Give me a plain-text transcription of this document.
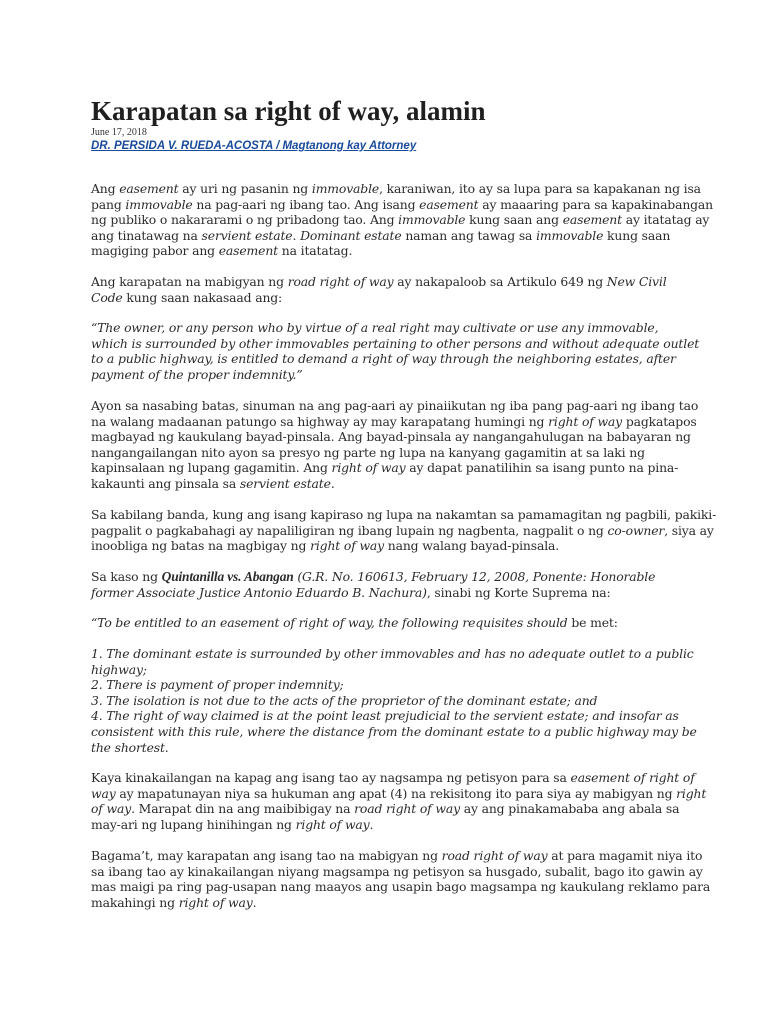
Karapatan sa right of way, alamin
June 17, 2018
DR. PERSIDA V. RUEDA-ACOSTA / Magtanong kay Attorney

Ang easement ay uri ng pasanin ng immovable, karaniwan, ito ay sa lupa para sa kapakanan ng isa
pang immovable na pag-aari ng ibang tao. Ang isang easement ay maaaring para sa kapakinabangan
ng publiko o nakararami o ng pribadong tao. Ang immovable kung saan ang easement ay itatatag ay
ang tinatawag na servient estate. Dominant estate naman ang tawag sa immovable kung saan
magiging pabor ang easement na itatatag.

Ang karapatan na mabigyan ng road right of way ay nakapaloob sa Artikulo 649 ng New Civil
Code kung saan nakasaad ang:

“The owner, or any person who by virtue of a real right may cultivate or use any immovable,
which is surrounded by other immovables pertaining to other persons and without adequate outlet
to a public highway, is entitled to demand a right of way through the neighboring estates, after
payment of the proper indemnity.”

Ayon sa nasabing batas, sinuman na ang pag-aari ay pinaiikutan ng iba pang pag-aari ng ibang tao
na walang madaanan patungo sa highway ay may karapatang humingi ng right of way pagkatapos
magbayad ng kaukulang bayad-pinsala. Ang bayad-pinsala ay nangangahulugan na babayaran ng
nangangailangan nito ayon sa presyo ng parte ng lupa na kanyang gagamitin at sa laki ng
kapinsalaan ng lupang gagamitin. Ang right of way ay dapat panatilihin sa isang punto na pina-
kakaunti ang pinsala sa servient estate.

Sa kabilang banda, kung ang isang kapiraso ng lupa na nakamtan sa pamamagitan ng pagbili, pakiki-
pagpalit o pagkabahagi ay napaliligiran ng ibang lupain ng nagbenta, nagpalit o ng co-owner, siya ay
inoobliga ng batas na magbigay ng right of way nang walang bayad-pinsala.

Sa kaso ng Quintanilla vs. Abangan (G.R. No. 160613, February 12, 2008, Ponente: Honorable
former Associate Justice Antonio Eduardo B. Nachura), sinabi ng Korte Suprema na:

“To be entitled to an easement of right of way, the following requisites should be met:

1. The dominant estate is surrounded by other immovables and has no adequate outlet to a public
highway;
2. There is payment of proper indemnity;
3. The isolation is not due to the acts of the proprietor of the dominant estate; and
4. The right of way claimed is at the point least prejudicial to the servient estate; and insofar as
consistent with this rule, where the distance from the dominant estate to a public highway may be
the shortest.

Kaya kinakailangan na kapag ang isang tao ay nagsampa ng petisyon para sa easement of right of
way ay mapatunayan niya sa hukuman ang apat (4) na rekisitong ito para siya ay mabigyan ng right
of way. Marapat din na ang maibibigay na road right of way ay ang pinakamababa ang abala sa
may-ari ng lupang hinihingan ng right of way.

Bagama’t, may karapatan ang isang tao na mabigyan ng road right of way at para magamit niya ito
sa ibang tao ay kinakailangan niyang magsampa ng petisyon sa husgado, subalit, bago ito gawin ay
mas maigi pa ring pag-usapan nang maayos ang usapin bago magsampa ng kaukulang reklamo para
makahingi ng right of way.
